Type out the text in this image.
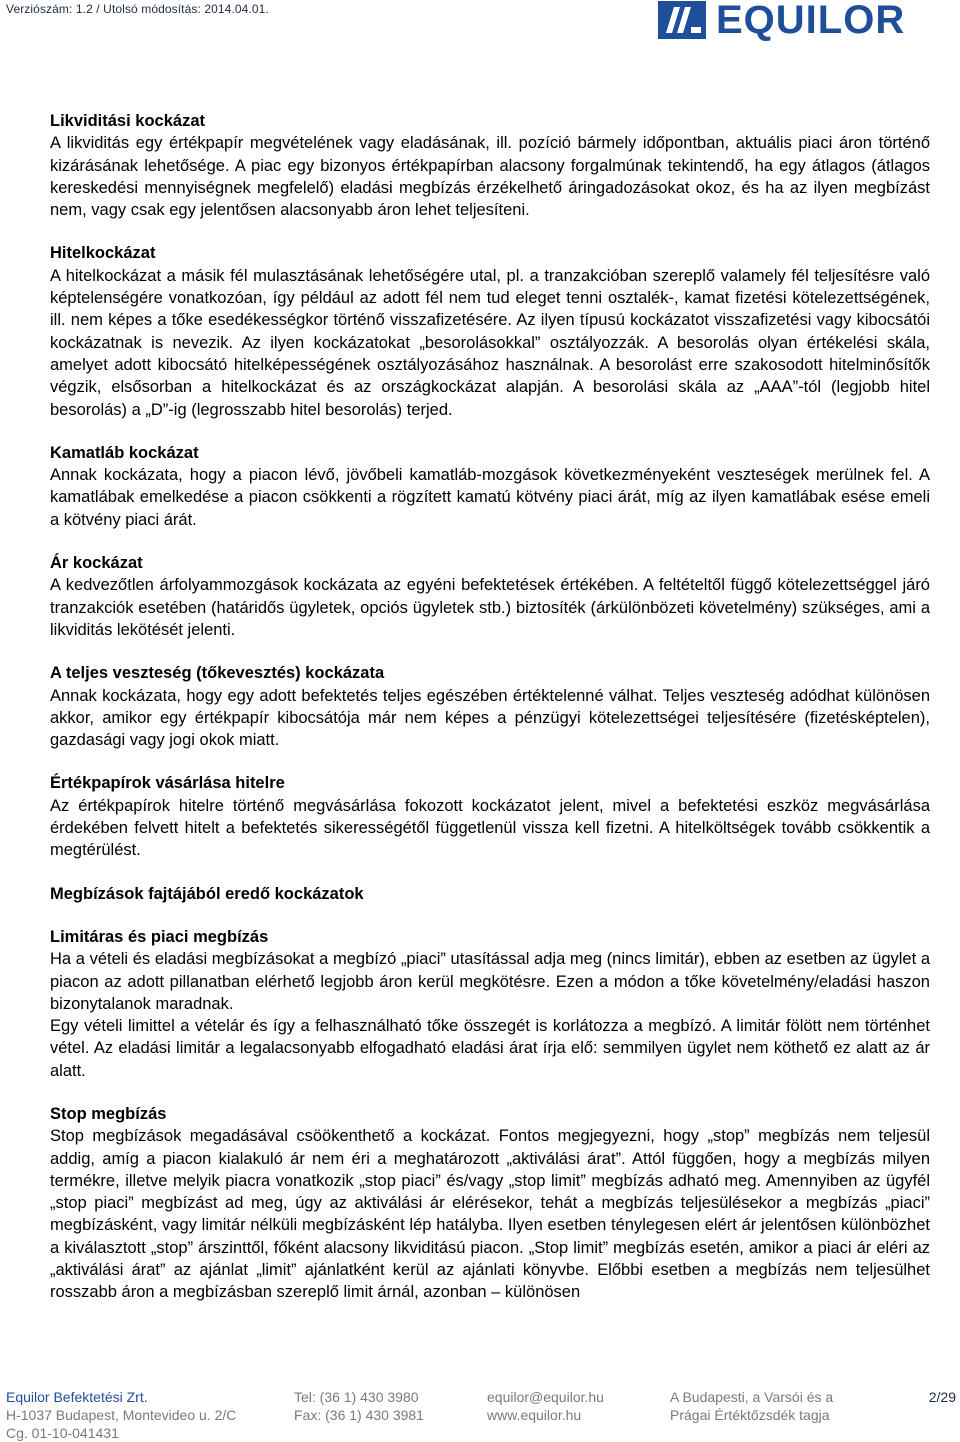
Verziószám: 1.2 / Utolsó módosítás: 2014.04.01.	EQUILOR
Likviditási kockázat

A likviditás egy értékpapír megvételének vagy eladásának, ill. pozíció bármely időpontban, aktuális piaci áron történő kizárásának lehetősége. A piac egy bizonyos értékpapírban alacsony forgalmúnak tekintendő, ha egy átlagos (átlagos kereskedési mennyiségnek megfelelő) eladási megbízás érzékelhető áringadozásokat okoz, és ha az ilyen megbízást nem, vagy csak egy jelentősen alacsonyabb áron lehet teljesíteni.

Hitelkockázat

A hitelkockázat a másik fél mulasztásának lehetőségére utal, pl. a tranzakcióban szereplő valamely fél teljesítésre való képtelenségére vonatkozóan, így például az adott fél nem tud eleget tenni osztalék-, kamat fizetési kötelezettségének, ill. nem képes a tőke esedékességkor történő visszafizetésére. Az ilyen típusú kockázatot visszafizetési vagy kibocsátói kockázatnak is nevezik. Az ilyen kockázatokat „besorolásokkal” osztályozzák. A besorolás olyan értékelési skála, amelyet adott kibocsátó hitelképességének osztályozásához használnak. A besorolást erre szakosodott hitelminősítők végzik, elsősorban a hitelkockázat és az országkockázat alapján. A besorolási skála az „AAA”-tól (legjobb hitel besorolás) a „D”-ig (legrosszabb hitel besorolás) terjed.

Kamatláb kockázat

Annak kockázata, hogy a piacon lévő, jövőbeli kamatláb-mozgások következményeként veszteségek merülnek fel. A kamatlábak emelkedése a piacon csökkenti a rögzített kamatú kötvény piaci árát, míg az ilyen kamatlábak esése emeli a kötvény piaci árát.

Ár kockázat

A kedvezőtlen árfolyammozgások kockázata az egyéni befektetések értékében. A feltételtől függő kötelezettséggel járó tranzakciók esetében (határidős ügyletek, opciós ügyletek stb.) biztosíték (árkülönbözeti követelmény) szükséges, ami a likviditás lekötését jelenti.

A teljes veszteség (tőkevesztés) kockázata

Annak kockázata, hogy egy adott befektetés teljes egészében értéktelenné válhat. Teljes veszteség adódhat különösen akkor, amikor egy értékpapír kibocsátója már nem képes a pénzügyi kötelezettségei teljesítésére (fizetésképtelen), gazdasági vagy jogi okok miatt.

Értékpapírok vásárlása hitelre

Az értékpapírok hitelre történő megvásárlása fokozott kockázatot jelent, mivel a befektetési eszköz megvásárlása érdekében felvett hitelt a befektetés sikerességétől függetlenül vissza kell fizetni. A hitelköltségek tovább csökkentik a megtérülést.

Megbízások fajtájából eredő kockázatok
Limitáras és piaci megbízás

Ha a vételi és eladási megbízásokat a megbízó „piaci” utasítással adja meg (nincs limitár), ebben az esetben az ügylet a piacon az adott pillanatban elérhető legjobb áron kerül megkötésre. Ezen a módon a tőke követelmény/eladási haszon bizonytalanok maradnak.

Egy vételi limittel a vételár és így a felhasználható tőke összegét is korlátozza a megbízó. A limitár fölött nem történhet vétel. Az eladási limitár a legalacsonyabb elfogadható eladási árat írja elő: semmilyen ügylet nem köthető ez alatt az ár alatt.

Stop megbízás

Stop megbízások megadásával csöökenthető a kockázat. Fontos megjegyezni, hogy „stop” megbízás nem teljesül addig, amíg a piacon kialakuló ár nem éri a meghatározott „aktiválási árat”. Attól függően, hogy a megbízás milyen termékre, illetve melyik piacra vonatkozik „stop piaci” és/vagy „stop limit” megbízás adható meg. Amennyiben az ügyfél „stop piaci” megbízást ad meg, úgy az aktiválási ár elérésekor, tehát a megbízás teljesülésekor a megbízás „piaci” megbízásként, vagy limitár nélküli megbízásként lép hatályba. Ilyen esetben ténylegesen elért ár jelentősen különbözhet a kiválasztott „stop” árszinttől, főként alacsony likviditású piacon. „Stop limit” megbízás esetén, amikor a piaci ár eléri az „aktiválási árat” az ajánlat „limit” ajánlatként kerül az ajánlati könyvbe. Előbbi esetben a megbízás nem teljesülhet rosszabb áron a megbízásban szereplő limit árnál, azonban – különösen

Equilor Befektetési Zrt.
H-1037 Budapest, Montevideo u. 2/C
Cg. 01-10-041431
Tel: (36 1) 430 3980
Fax: (36 1) 430 3981
equilor@equilor.hu
www.equilor.hu
A Budapesti, a Varsói és a
Prágai Értéktőzsdék tagja
2/29
